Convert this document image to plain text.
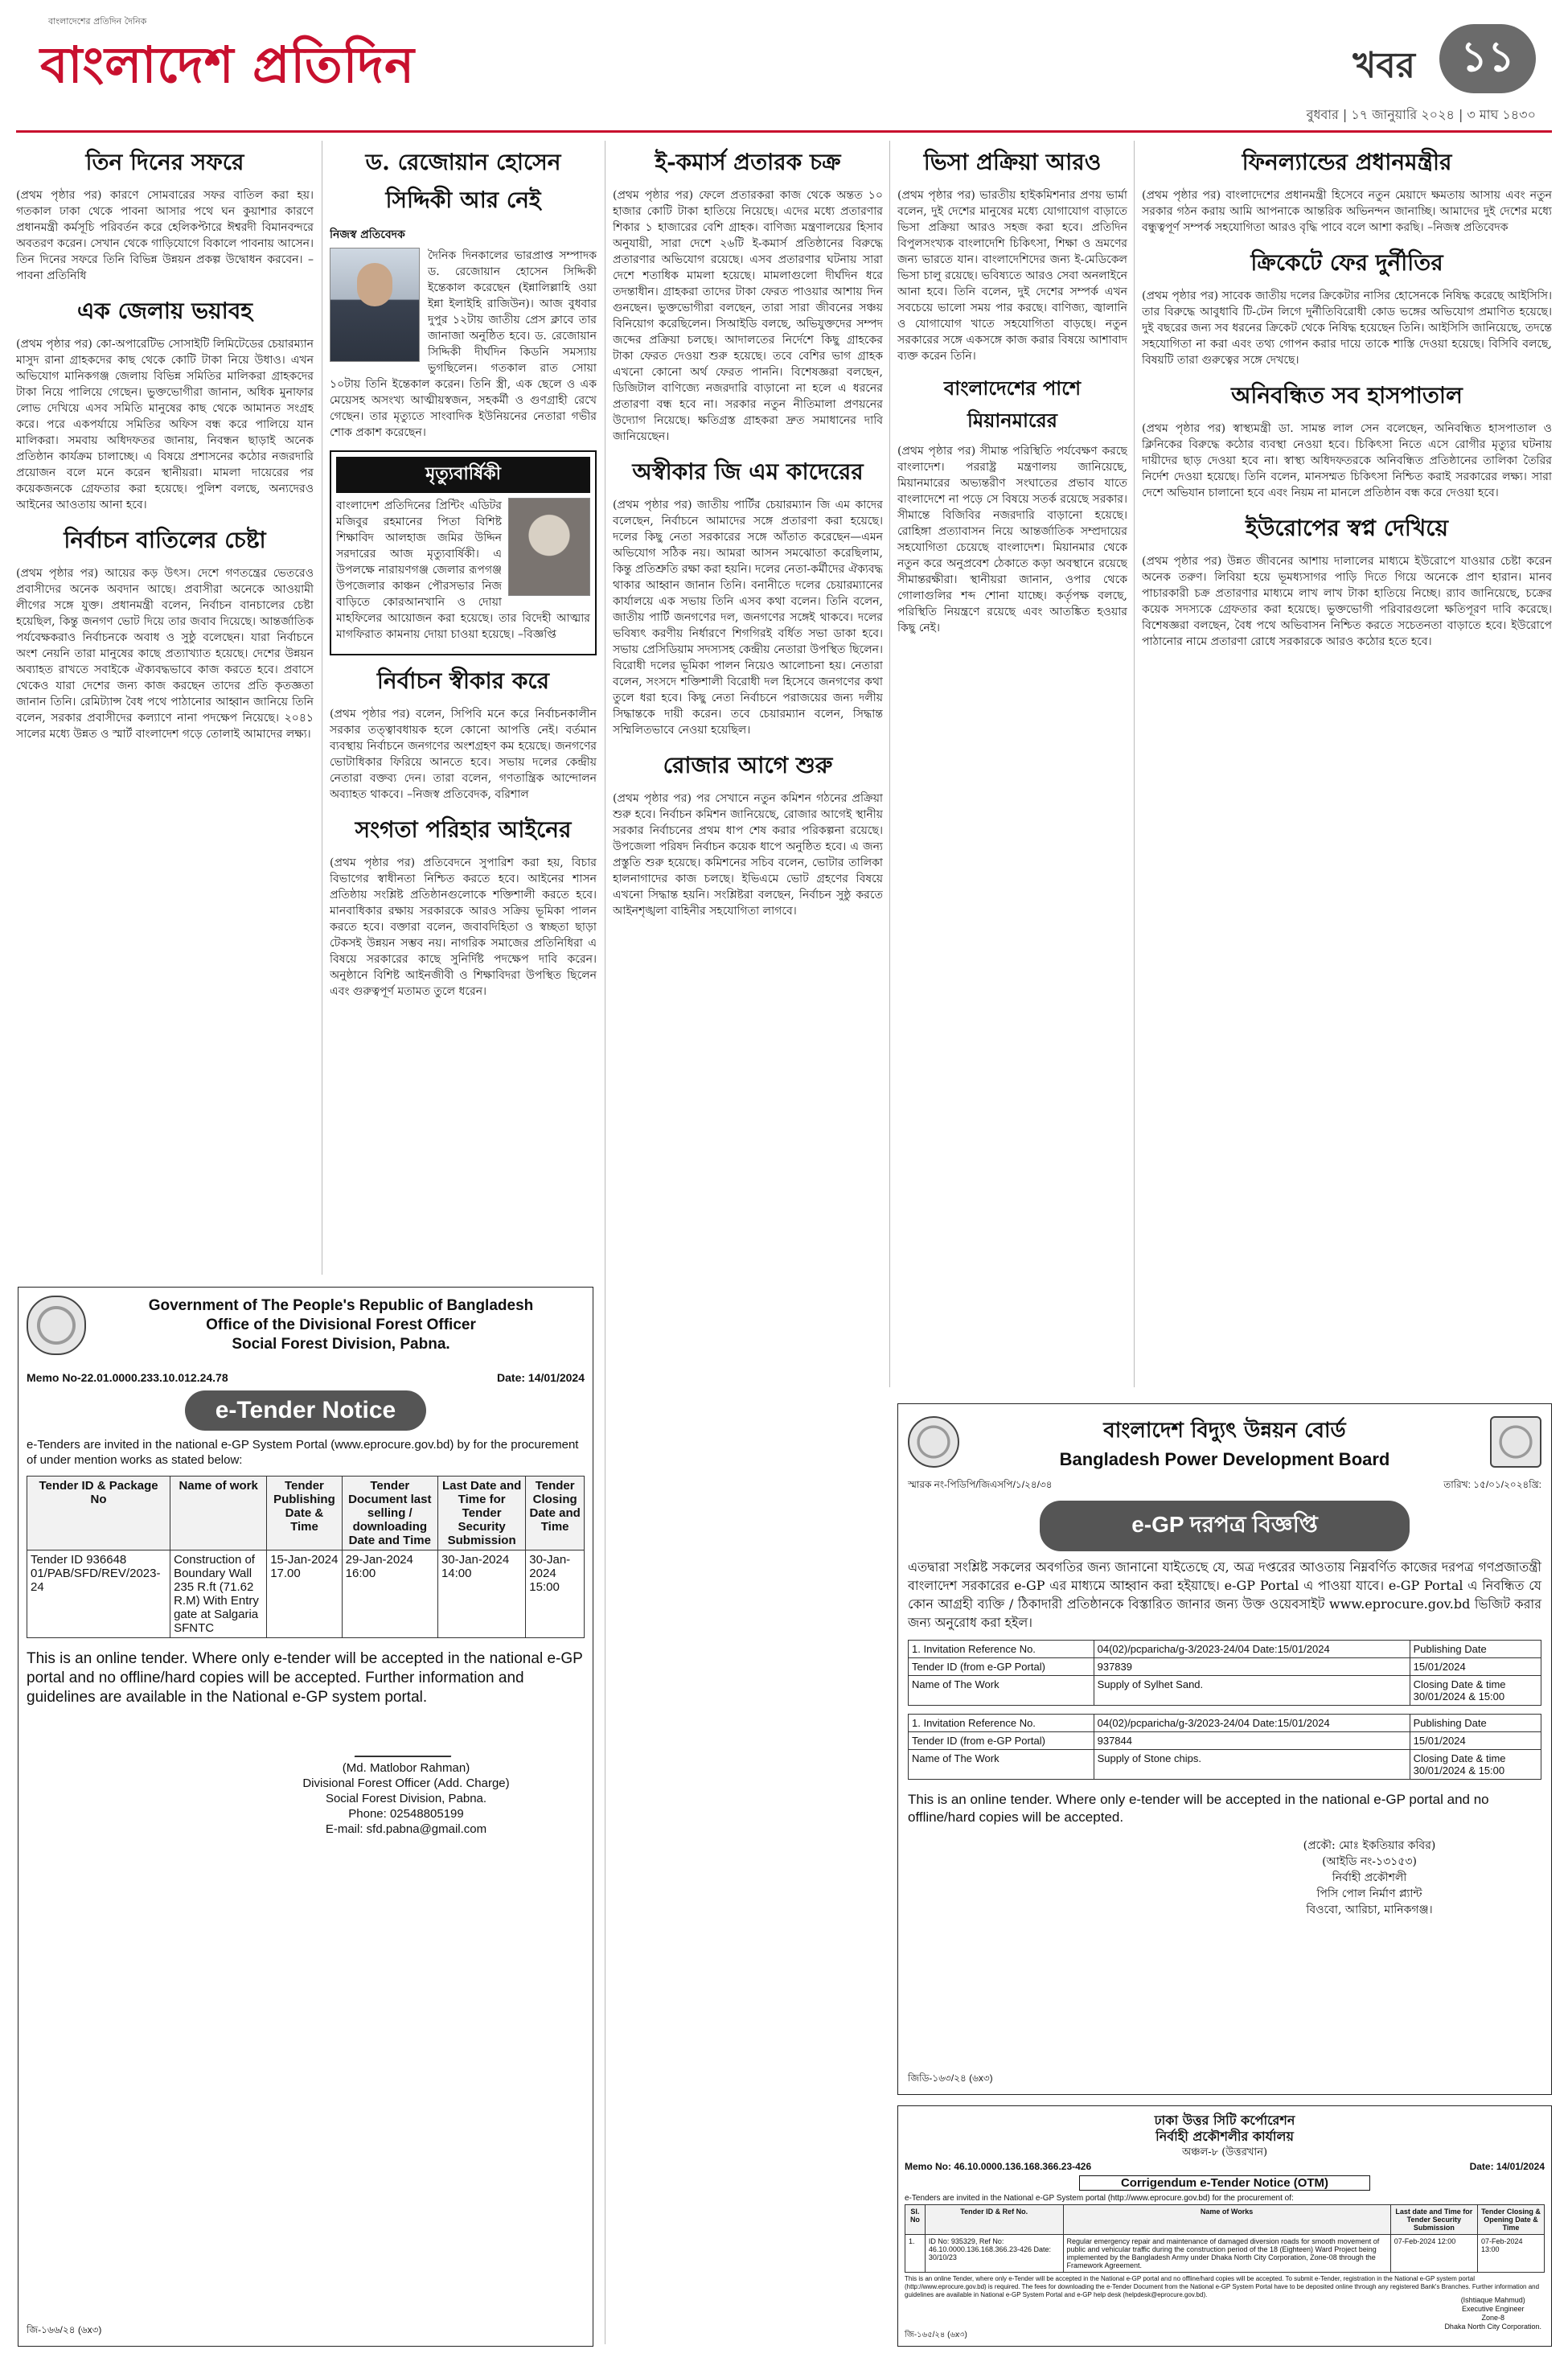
বাংলাদেশের প্রতিদিন দৈনিক
বাংলাদেশ প্রতিদিন	খবর	১১
বুধবার | ১৭ জানুয়ারি ২০২৪ | ৩ মাঘ ১৪৩০
তিন দিনের সফরে

(প্রথম পৃষ্ঠার পর) কারণে সোমবারের সফর বাতিল করা হয়। গতকাল ঢাকা থেকে পাবনা আসার পথে ঘন কুয়াশার কারণে প্রধানমন্ত্রী কর্মসূচি পরিবর্তন করে হেলিকপ্টারে ঈশ্বরদী বিমানবন্দরে অবতরণ করেন। সেখান থেকে গাড়িযোগে বিকালে পাবনায় আসেন। তিন দিনের সফরে তিনি বিভিন্ন উন্নয়ন প্রকল্প উদ্বোধন করবেন। –পাবনা প্রতিনিধি

এক জেলায় ভয়াবহ

(প্রথম পৃষ্ঠার পর) কো-অপারেটিভ সোসাইটি লিমিটেডের চেয়ারম্যান মাসুদ রানা গ্রাহকদের কাছ থেকে কোটি টাকা নিয়ে উধাও। এখন অভিযোগ মানিকগঞ্জ জেলায় বিভিন্ন সমিতির মালিকরা গ্রাহকদের টাকা নিয়ে পালিয়ে গেছেন। ভুক্তভোগীরা জানান, অধিক মুনাফার লোভ দেখিয়ে এসব সমিতি মানুষের কাছ থেকে আমানত সংগ্রহ করে। পরে একপর্যায়ে সমিতির অফিস বন্ধ করে পালিয়ে যান মালিকরা। সমবায় অধিদফতর জানায়, নিবন্ধন ছাড়াই অনেক প্রতিষ্ঠান কার্যক্রম চালাচ্ছে। এ বিষয়ে প্রশাসনের কঠোর নজরদারি প্রয়োজন বলে মনে করেন স্থানীয়রা। মামলা দায়েরের পর কয়েকজনকে গ্রেফতার করা হয়েছে। পুলিশ বলছে, অন্যদেরও আইনের আওতায় আনা হবে।

নির্বাচন বাতিলের চেষ্টা

(প্রথম পৃষ্ঠার পর) আয়ের কড় উৎস। দেশে গণতন্ত্রের ভেতরেও প্রবাসীদের অনেক অবদান আছে। প্রবাসীরা অনেকে আওয়ামী লীগের সঙ্গে যুক্ত। প্রধানমন্ত্রী বলেন, নির্বাচন বানচালের চেষ্টা হয়েছিল, কিন্তু জনগণ ভোট দিয়ে তার জবাব দিয়েছে। আন্তর্জাতিক পর্যবেক্ষকরাও নির্বাচনকে অবাধ ও সুষ্ঠু বলেছেন। যারা নির্বাচনে অংশ নেয়নি তারা মানুষের কাছে প্রত্যাখ্যাত হয়েছে। দেশের উন্নয়ন অব্যাহত রাখতে সবাইকে ঐক্যবদ্ধভাবে কাজ করতে হবে। প্রবাসে থেকেও যারা দেশের জন্য কাজ করছেন তাদের প্রতি কৃতজ্ঞতা জানান তিনি। রেমিট্যান্স বৈধ পথে পাঠানোর আহ্বান জানিয়ে তিনি বলেন, সরকার প্রবাসীদের কল্যাণে নানা পদক্ষেপ নিয়েছে। ২০৪১ সালের মধ্যে উন্নত ও স্মার্ট বাংলাদেশ গড়ে তোলাই আমাদের লক্ষ্য।

ড. রেজোয়ান হোসেন সিদ্দিকী আর নেই
নিজস্ব প্রতিবেদক

দৈনিক দিনকালের ভারপ্রাপ্ত সম্পাদক ড. রেজোয়ান হোসেন সিদ্দিকী ইন্তেকাল করেছেন (ইন্নালিল্লাহি ওয়া ইন্না ইলাইহি রাজিউন)। আজ বুধবার দুপুর ১২টায় জাতীয় প্রেস ক্লাবে তার জানাজা অনুষ্ঠিত হবে। ড. রেজোয়ান সিদ্দিকী দীর্ঘদিন কিডনি সমস্যায় ভুগছিলেন। গতকাল রাত সোয়া ১০টায় তিনি ইন্তেকাল করেন। তিনি স্ত্রী, এক ছেলে ও এক মেয়েসহ অসংখ্য আত্মীয়স্বজন, সহকর্মী ও গুণগ্রাহী রেখে গেছেন। তার মৃত্যুতে সাংবাদিক ইউনিয়নের নেতারা গভীর শোক প্রকাশ করেছেন।

মৃত্যুবার্ষিকী

বাংলাদেশ প্রতিদিনের প্রিন্টিং এডিটর মজিবুর রহমানের পিতা বিশিষ্ট শিক্ষাবিদ আলহাজ জমির উদ্দিন সরদারের আজ মৃত্যুবার্ষিকী। এ উপলক্ষে নারায়ণগঞ্জ জেলার রূপগঞ্জ উপজেলার কাঞ্চন পৌরসভার নিজ বাড়িতে কোরআনখানি ও দোয়া মাহফিলের আয়োজন করা হয়েছে। তার বিদেহী আত্মার মাগফিরাত কামনায় দোয়া চাওয়া হয়েছে। –বিজ্ঞপ্তি

নির্বাচন স্বীকার করে

(প্রথম পৃষ্ঠার পর) বলেন, সিপিবি মনে করে নির্বাচনকালীন সরকার তত্ত্বাবধায়ক হলে কোনো আপত্তি নেই। বর্তমান ব্যবস্থায় নির্বাচনে জনগণের অংশগ্রহণ কম হয়েছে। জনগণের ভোটাধিকার ফিরিয়ে আনতে হবে। সভায় দলের কেন্দ্রীয় নেতারা বক্তব্য দেন। তারা বলেন, গণতান্ত্রিক আন্দোলন অব্যাহত থাকবে। –নিজস্ব প্রতিবেদক, বরিশাল

সংগতা পরিহার আইনের

(প্রথম পৃষ্ঠার পর) প্রতিবেদনে সুপারিশ করা হয়, বিচার বিভাগের স্বাধীনতা নিশ্চিত করতে হবে। আইনের শাসন প্রতিষ্ঠায় সংশ্লিষ্ট প্রতিষ্ঠানগুলোকে শক্তিশালী করতে হবে। মানবাধিকার রক্ষায় সরকারকে আরও সক্রিয় ভূমিকা পালন করতে হবে। বক্তারা বলেন, জবাবদিহিতা ও স্বচ্ছতা ছাড়া টেকসই উন্নয়ন সম্ভব নয়। নাগরিক সমাজের প্রতিনিধিরা এ বিষয়ে সরকারের কাছে সুনির্দিষ্ট পদক্ষেপ দাবি করেন। অনুষ্ঠানে বিশিষ্ট আইনজীবী ও শিক্ষাবিদরা উপস্থিত ছিলেন এবং গুরুত্বপূর্ণ মতামত তুলে ধরেন।

ই-কমার্স প্রতারক চক্র

(প্রথম পৃষ্ঠার পর) ফেলে প্রতারকরা কাজ থেকে অন্তত ১০ হাজার কোটি টাকা হাতিয়ে নিয়েছে। এদের মধ্যে প্রতারণার শিকার ১ হাজারের বেশি গ্রাহক। বাণিজ্য মন্ত্রণালয়ের হিসাব অনুযায়ী, সারা দেশে ২৬টি ই-কমার্স প্রতিষ্ঠানের বিরুদ্ধে প্রতারণার অভিযোগ রয়েছে। এসব প্রতারণার ঘটনায় সারা দেশে শতাধিক মামলা হয়েছে। মামলাগুলো দীর্ঘদিন ধরে তদন্তাধীন। গ্রাহকরা তাদের টাকা ফেরত পাওয়ার আশায় দিন গুনছেন। ভুক্তভোগীরা বলছেন, তারা সারা জীবনের সঞ্চয় বিনিয়োগ করেছিলেন। সিআইডি বলছে, অভিযুক্তদের সম্পদ জব্দের প্রক্রিয়া চলছে। আদালতের নির্দেশে কিছু গ্রাহকের টাকা ফেরত দেওয়া শুরু হয়েছে। তবে বেশির ভাগ গ্রাহক এখনো কোনো অর্থ ফেরত পাননি। বিশেষজ্ঞরা বলছেন, ডিজিটাল বাণিজ্যে নজরদারি বাড়ানো না হলে এ ধরনের প্রতারণা বন্ধ হবে না। সরকার নতুন নীতিমালা প্রণয়নের উদ্যোগ নিয়েছে। ক্ষতিগ্রস্ত গ্রাহকরা দ্রুত সমাধানের দাবি জানিয়েছেন।

অস্বীকার জি এম কাদেরের

(প্রথম পৃষ্ঠার পর) জাতীয় পার্টির চেয়ারম্যান জি এম কাদের বলেছেন, নির্বাচনে আমাদের সঙ্গে প্রতারণা করা হয়েছে। দলের কিছু নেতা সরকারের সঙ্গে আঁতাত করেছেন—এমন অভিযোগ সঠিক নয়। আমরা আসন সমঝোতা করেছিলাম, কিন্তু প্রতিশ্রুতি রক্ষা করা হয়নি। দলের নেতা-কর্মীদের ঐক্যবদ্ধ থাকার আহ্বান জানান তিনি। বনানীতে দলের চেয়ারম্যানের কার্যালয়ে এক সভায় তিনি এসব কথা বলেন। তিনি বলেন, জাতীয় পার্টি জনগণের দল, জনগণের সঙ্গেই থাকবে। দলের ভবিষ্যৎ করণীয় নির্ধারণে শিগগিরই বর্ধিত সভা ডাকা হবে। সভায় প্রেসিডিয়াম সদস্যসহ কেন্দ্রীয় নেতারা উপস্থিত ছিলেন। বিরোধী দলের ভূমিকা পালন নিয়েও আলোচনা হয়। নেতারা বলেন, সংসদে শক্তিশালী বিরোধী দল হিসেবে জনগণের কথা তুলে ধরা হবে। কিছু নেতা নির্বাচনে পরাজয়ের জন্য দলীয় সিদ্ধান্তকে দায়ী করেন। তবে চেয়ারম্যান বলেন, সিদ্ধান্ত সম্মিলিতভাবে নেওয়া হয়েছিল।

রোজার আগে শুরু

(প্রথম পৃষ্ঠার পর) পর সেখানে নতুন কমিশন গঠনের প্রক্রিয়া শুরু হবে। নির্বাচন কমিশন জানিয়েছে, রোজার আগেই স্থানীয় সরকার নির্বাচনের প্রথম ধাপ শেষ করার পরিকল্পনা রয়েছে। উপজেলা পরিষদ নির্বাচন কয়েক ধাপে অনুষ্ঠিত হবে। এ জন্য প্রস্তুতি শুরু হয়েছে। কমিশনের সচিব বলেন, ভোটার তালিকা হালনাগাদের কাজ চলছে। ইভিএমে ভোট গ্রহণের বিষয়ে এখনো সিদ্ধান্ত হয়নি। সংশ্লিষ্টরা বলছেন, নির্বাচন সুষ্ঠু করতে আইনশৃঙ্খলা বাহিনীর সহযোগিতা লাগবে।

ভিসা প্রক্রিয়া আরও

(প্রথম পৃষ্ঠার পর) ভারতীয় হাইকমিশনার প্রণয় ভার্মা বলেন, দুই দেশের মানুষের মধ্যে যোগাযোগ বাড়াতে ভিসা প্রক্রিয়া আরও সহজ করা হবে। প্রতিদিন বিপুলসংখ্যক বাংলাদেশি চিকিৎসা, শিক্ষা ও ভ্রমণের জন্য ভারতে যান। বাংলাদেশিদের জন্য ই-মেডিকেল ভিসা চালু রয়েছে। ভবিষ্যতে আরও সেবা অনলাইনে আনা হবে। তিনি বলেন, দুই দেশের সম্পর্ক এখন সবচেয়ে ভালো সময় পার করছে। বাণিজ্য, জ্বালানি ও যোগাযোগ খাতে সহযোগিতা বাড়ছে। নতুন সরকারের সঙ্গে একসঙ্গে কাজ করার বিষয়ে আশাবাদ ব্যক্ত করেন তিনি।

বাংলাদেশের পাশে মিয়ানমারের

(প্রথম পৃষ্ঠার পর) সীমান্ত পরিস্থিতি পর্যবেক্ষণ করছে বাংলাদেশ। পররাষ্ট্র মন্ত্রণালয় জানিয়েছে, মিয়ানমারের অভ্যন্তরীণ সংঘাতের প্রভাব যাতে বাংলাদেশে না পড়ে সে বিষয়ে সতর্ক রয়েছে সরকার। সীমান্তে বিজিবির নজরদারি বাড়ানো হয়েছে। রোহিঙ্গা প্রত্যাবাসন নিয়ে আন্তর্জাতিক সম্প্রদায়ের সহযোগিতা চেয়েছে বাংলাদেশ। মিয়ানমার থেকে নতুন করে অনুপ্রবেশ ঠেকাতে কড়া অবস্থানে রয়েছে সীমান্তরক্ষীরা। স্থানীয়রা জানান, ওপার থেকে গোলাগুলির শব্দ শোনা যাচ্ছে। কর্তৃপক্ষ বলছে, পরিস্থিতি নিয়ন্ত্রণে রয়েছে এবং আতঙ্কিত হওয়ার কিছু নেই।

ফিনল্যান্ডের প্রধানমন্ত্রীর

(প্রথম পৃষ্ঠার পর) বাংলাদেশের প্রধানমন্ত্রী হিসেবে নতুন মেয়াদে ক্ষমতায় আসায় এবং নতুন সরকার গঠন করায় আমি আপনাকে আন্তরিক অভিনন্দন জানাচ্ছি। আমাদের দুই দেশের মধ্যে বন্ধুত্বপূর্ণ সম্পর্ক সহযোগিতা আরও বৃদ্ধি পাবে বলে আশা করছি। –নিজস্ব প্রতিবেদক

ক্রিকেটে ফের দুর্নীতির

(প্রথম পৃষ্ঠার পর) সাবেক জাতীয় দলের ক্রিকেটার নাসির হোসেনকে নিষিদ্ধ করেছে আইসিসি। তার বিরুদ্ধে আবুধাবি টি-টেন লিগে দুর্নীতিবিরোধী কোড ভঙ্গের অভিযোগ প্রমাণিত হয়েছে। দুই বছরের জন্য সব ধরনের ক্রিকেট থেকে নিষিদ্ধ হয়েছেন তিনি। আইসিসি জানিয়েছে, তদন্তে সহযোগিতা না করা এবং তথ্য গোপন করার দায়ে তাকে শাস্তি দেওয়া হয়েছে। বিসিবি বলছে, বিষয়টি তারা গুরুত্বের সঙ্গে দেখছে।

অনিবন্ধিত সব হাসপাতাল

(প্রথম পৃষ্ঠার পর) স্বাস্থ্যমন্ত্রী ডা. সামন্ত লাল সেন বলেছেন, অনিবন্ধিত হাসপাতাল ও ক্লিনিকের বিরুদ্ধে কঠোর ব্যবস্থা নেওয়া হবে। চিকিৎসা নিতে এসে রোগীর মৃত্যুর ঘটনায় দায়ীদের ছাড় দেওয়া হবে না। স্বাস্থ্য অধিদফতরকে অনিবন্ধিত প্রতিষ্ঠানের তালিকা তৈরির নির্দেশ দেওয়া হয়েছে। তিনি বলেন, মানসম্মত চিকিৎসা নিশ্চিত করাই সরকারের লক্ষ্য। সারা দেশে অভিযান চালানো হবে এবং নিয়ম না মানলে প্রতিষ্ঠান বন্ধ করে দেওয়া হবে।

ইউরোপের স্বপ্ন দেখিয়ে

(প্রথম পৃষ্ঠার পর) উন্নত জীবনের আশায় দালালের মাধ্যমে ইউরোপে যাওয়ার চেষ্টা করেন অনেক তরুণ। লিবিয়া হয়ে ভূমধ্যসাগর পাড়ি দিতে গিয়ে অনেকে প্রাণ হারান। মানব পাচারকারী চক্র প্রতারণার মাধ্যমে লাখ লাখ টাকা হাতিয়ে নিচ্ছে। র‌্যাব জানিয়েছে, চক্রের কয়েক সদস্যকে গ্রেফতার করা হয়েছে। ভুক্তভোগী পরিবারগুলো ক্ষতিপূরণ দাবি করেছে। বিশেষজ্ঞরা বলছেন, বৈধ পথে অভিবাসন নিশ্চিত করতে সচেতনতা বাড়াতে হবে। ইউরোপে পাঠানোর নামে প্রতারণা রোধে সরকারকে আরও কঠোর হতে হবে।

Government of The People's Republic of Bangladesh
Office of the Divisional Forest Officer
Social Forest Division, Pabna.
Memo No-22.01.0000.233.10.012.24.78	Date: 14/01/2024
e-Tender Notice

e-Tenders are invited in the national e-GP System Portal (www.eprocure.gov.bd) by for the procurement of under mention works as stated below:

Tender ID & Package No	Name of work	Tender Publishing Date & Time	Tender Document last selling / downloading Date and Time	Last Date and Time for Tender Security Submission	Tender Closing Date and Time
Tender ID 936648 01/PAB/SFD/REV/2023-24	Construction of Boundary Wall 235 R.ft (71.62 R.M) With Entry gate at Salgaria SFNTC	15-Jan-2024 17.00	29-Jan-2024 16:00	30-Jan-2024 14:00	30-Jan-2024 15:00

This is an online tender. Where only e-tender will be accepted in the national e-GP portal and no offline/hard copies will be accepted. Further information and guidelines are available in the National e-GP system portal.

(Md. Matlobor Rahman)
Divisional Forest Officer (Add. Charge)
Social Forest Division, Pabna.
Phone: 02548805199
E-mail: sfd.pabna@gmail.com
জি-১৬৬/২৪ (৬x৩)
বাংলাদেশ বিদ্যুৎ উন্নয়ন বোর্ড
Bangladesh Power Development Board
স্মারক নং-পিডিপি/জিএসপি/১/২৪/৩৪	তারিখ: ১৫/০১/২০২৪খ্রি:
e-GP দরপত্র বিজ্ঞপ্তি

এতদ্বারা সংশ্লিষ্ট সকলের অবগতির জন্য জানানো যাইতেছে যে, অত্র দপ্তরের আওতায় নিম্নবর্ণিত কাজের দরপত্র গণপ্রজাতন্ত্রী বাংলাদেশ সরকারের e-GP এর মাধ্যমে আহ্বান করা হইয়াছে। e-GP Portal এ পাওয়া যাবে। e-GP Portal এ নিবন্ধিত যে কোন আগ্রহী ব্যক্তি / ঠিকাদারী প্রতিষ্ঠানকে বিস্তারিত জানার জন্য উক্ত ওয়েবসাইট www.eprocure.gov.bd ভিজিট করার জন্য অনুরোধ করা হইল।

1. Invitation Reference No.	04(02)/pcparicha/g-3/2023-24/04 Date:15/01/2024	Publishing Date
Tender ID (from e-GP Portal)	937839	15/01/2024
Name of The Work	Supply of Sylhet Sand.	Closing Date & time
30/01/2024 & 15:00
1. Invitation Reference No.	04(02)/pcparicha/g-3/2023-24/04 Date:15/01/2024	Publishing Date
Tender ID (from e-GP Portal)	937844	15/01/2024
Name of The Work	Supply of Stone chips.	Closing Date & time
30/01/2024 & 15:00

This is an online tender. Where only e-tender will be accepted in the national e-GP portal and no offline/hard copies will be accepted.

(প্রকৌ: মোঃ ইকতিয়ার কবির)
(আইডি নং-১৩১৫৩)
নির্বাহী প্রকৌশলী
পিসি পোল নির্মাণ প্ল্যান্ট
বিওবো, আরিচা, মানিকগঞ্জ।
জিডি-১৬৩/২৪ (৬x৩)
ঢাকা উত্তর সিটি কর্পোরেশন
নির্বাহী প্রকৌশলীর কার্যালয়
অঞ্চল-৮ (উত্তরখান)
Memo No: 46.10.0000.136.168.366.23-426	Date: 14/01/2024
Corrigendum e-Tender Notice (OTM)

e-Tenders are invited in the National e-GP System portal (http://www.eprocure.gov.bd) for the procurement of:

Sl. No	Tender ID & Ref No.	Name of Works	Last date and Time for Tender Security Submission	Tender Closing & Opening Date & Time
1.	ID No: 935329, Ref No: 46.10.0000.136.168.366.23-426 Date: 30/10/23	Regular emergency repair and maintenance of damaged diversion roads for smooth movement of public and vehicular traffic during the construction period of the 18 (Eighteen) Ward Project being implemented by the Bangladesh Army under Dhaka North City Corporation, Zone-08 through the Framework Agreement.	07-Feb-2024 12:00	07-Feb-2024 13:00

This is an online Tender, where only e-Tender will be accepted in the National e-GP portal and no offline/hard copies will be accepted. To submit e-Tender, registration in the National e-GP system portal (http://www.eprocure.gov.bd) is required. The fees for downloading the e-Tender Document from the National e-GP System Portal have to be deposited online through any registered Bank's Branches. Further information and guidelines are available in National e-GP System Portal and e-GP help desk (helpdesk@eprocure.gov.bd).

(Ishtiaque Mahmud)
Executive Engineer
Zone-8
Dhaka North City Corporation.
জি-১৬৫/২৪ (৬x৩)
